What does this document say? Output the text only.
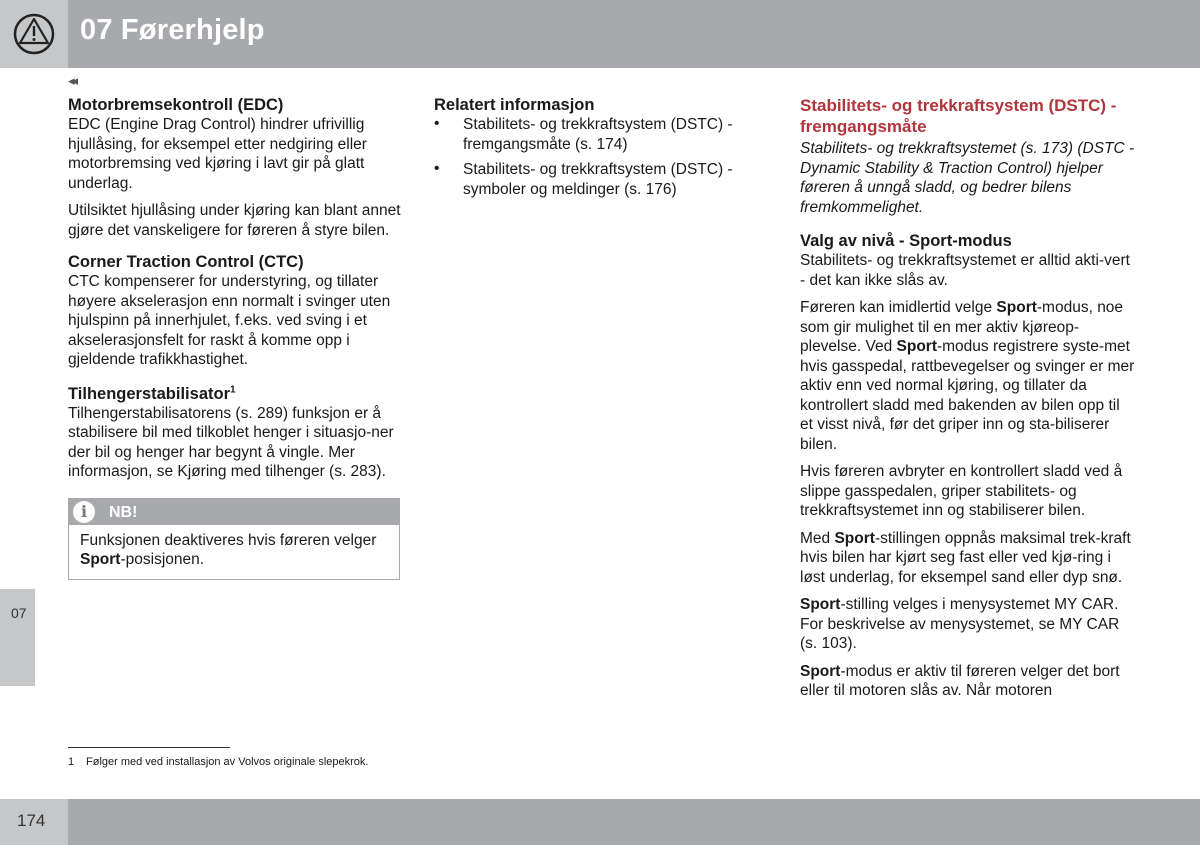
07 Førerhjelp
07
◂◂
Motorbremsekontroll (EDC)

EDC (Engine Drag Control) hindrer ufrivillig hjullåsing, for eksempel etter nedgiring eller motorbremsing ved kjøring i lavt gir på glatt underlag.

Utilsiktet hjullåsing under kjøring kan blant annet gjøre det vanskeligere for føreren å styre bilen.

Corner Traction Control (CTC)

CTC kompenserer for understyring, og tillater høyere akselerasjon enn normalt i svinger uten hjulspinn på innerhjulet, f.eks. ved sving i et akselerasjonsfelt for raskt å komme opp i gjeldende trafikkhastighet.

Tilhengerstabilisator$^1$

Tilhengerstabilisatorens (s. 289) funksjon er å stabilisere bil med tilkoblet henger i situasjo-ner der bil og henger har begynt å vingle. Mer informasjon, se Kjøring med tilhenger (s. 283).

i	NB!
Funksjonen deaktiveres hvis føreren velger Sport-posisjonen.
Relatert informasjon
• Stabilitets- og trekkraftsystem (DSTC) - fremgangsmåte (s. 174)
• Stabilitets- og trekkraftsystem (DSTC) - symboler og meldinger (s. 176)
Stabilitets- og trekkraftsystem (DSTC) - fremgangsmåte

Stabilitets- og trekkraftsystemet (s. 173) (DSTC - Dynamic Stability & Traction Control) hjelper føreren å unngå sladd, og bedrer bilens fremkommelighet.

Valg av nivå - Sport-modus

Stabilitets- og trekkraftsystemet er alltid akti-vert - det kan ikke slås av.

Føreren kan imidlertid velge Sport-modus, noe som gir mulighet til en mer aktiv kjøreop-plevelse. Ved Sport-modus registrere syste-met hvis gasspedal, rattbevegelser og svinger er mer aktiv enn ved normal kjøring, og tillater da kontrollert sladd med bakenden av bilen opp til et visst nivå, før det griper inn og sta-biliserer bilen.

Hvis føreren avbryter en kontrollert sladd ved å slippe gasspedalen, griper stabilitets- og trekkraftsystemet inn og stabiliserer bilen.

Med Sport-stillingen oppnås maksimal trek-kraft hvis bilen har kjørt seg fast eller ved kjø-ring i løst underlag, for eksempel sand eller dyp snø.

Sport-stilling velges i menysystemet MY CAR. For beskrivelse av menysystemet, se MY CAR (s. 103).

Sport-modus er aktiv til føreren velger det bort eller til motoren slås av. Når motoren

1 Følger med ved installasjon av Volvos originale slepekrok.
174
